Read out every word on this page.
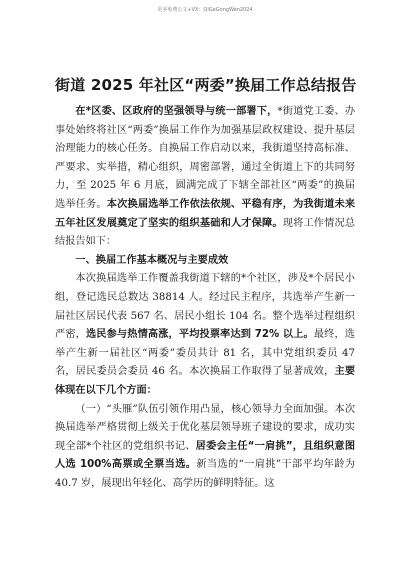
更多免费公文+VX：QiGeGongWen2024
街道 2025 年社区“两委”换届工作总结报告

在*区委、区政府的坚强领导与统一部署下，*街道党工委、办事处始终将社区“两委”换届工作作为加强基层政权建设、提升基层治理能力的核心任务。自换届工作启动以来，我街道坚持高标准、严要求、实举措，精心组织，周密部署，通过全街道上下的共同努力，至 2025 年 6 月底，圆满完成了下辖全部社区“两委”的换届选举任务。本次换届选举工作依法依规、平稳有序，为我街道未来五年社区发展奠定了坚实的组织基础和人才保障。现将工作情况总结报告如下：

一、换届工作基本概况与主要成效

本次换届选举工作覆盖我街道下辖的*个社区，涉及*个居民小组，登记选民总数达 38814 人。经过民主程序，共选举产生新一届社区居民代表 567 名、居民小组长 104 名。整个选举过程组织严密，选民参与热情高涨，平均投票率达到 72% 以上。最终，选举产生新一届社区“两委”委员共计 81 名，其中党组织委员 47 名，居民委员会委员 46 名。本次换届工作取得了显著成效，主要体现在以下几个方面：

（一）“头雁”队伍引领作用凸显，核心领导力全面加强。本次换届选举严格贯彻上级关于优化基层领导班子建设的要求，成功实现全部*个社区的党组织书记、居委会主任“一肩挑”，且组织意图人选 100%高票或全票当选。新当选的“一肩挑”干部平均年龄为 40.7 岁，展现出年轻化、高学历的鲜明特征。这
